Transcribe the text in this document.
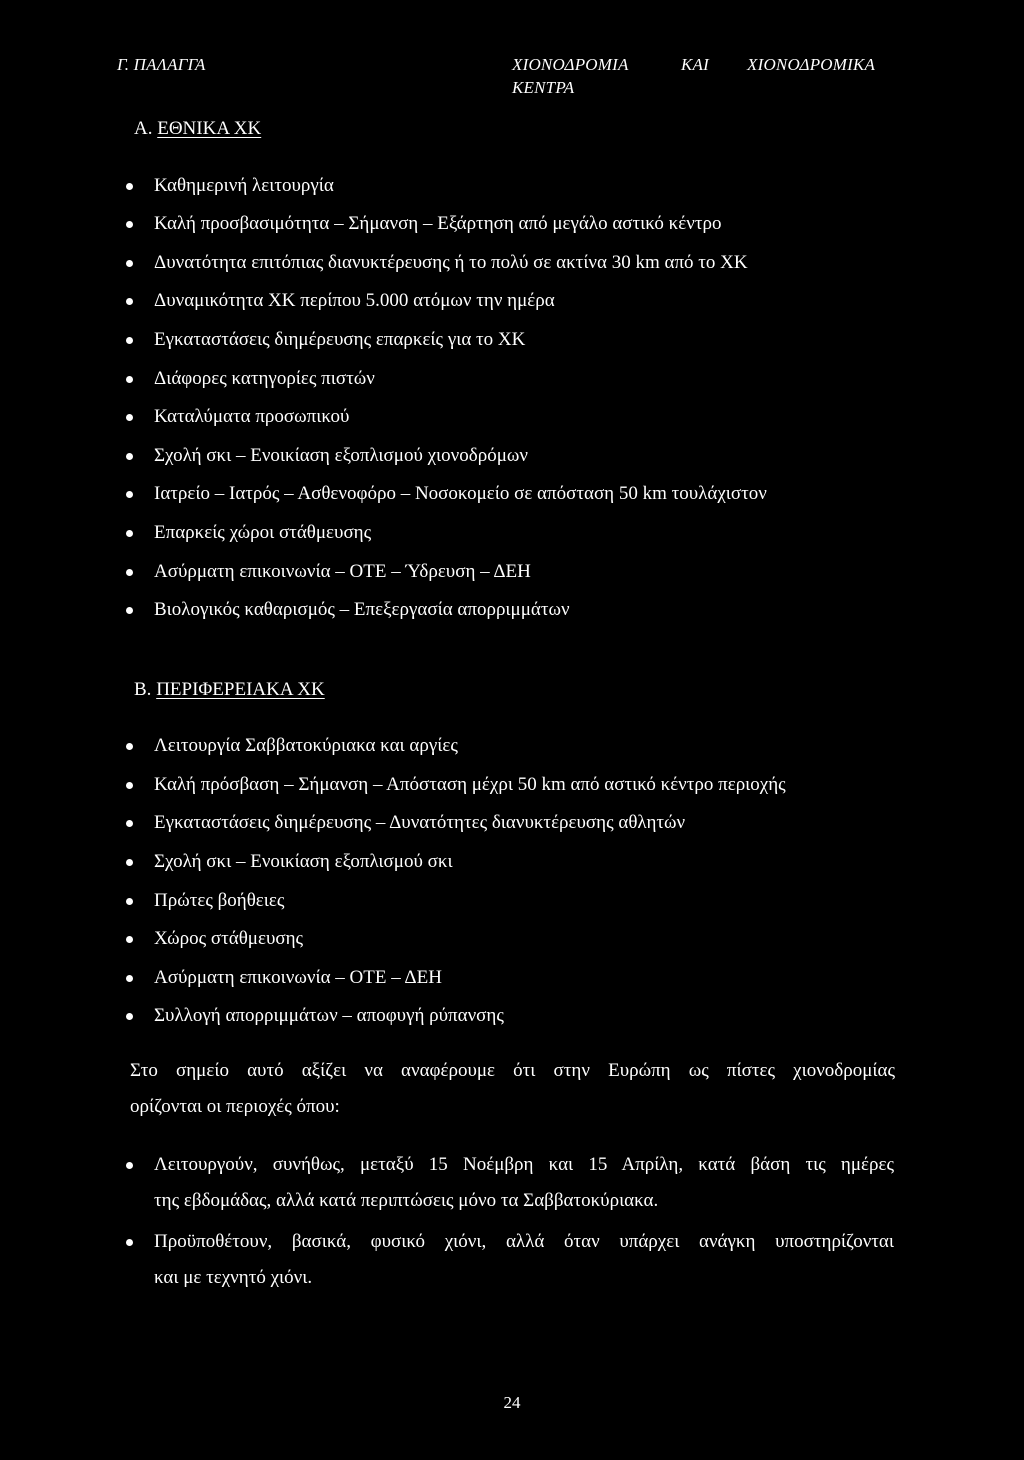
Γ. ΠΑΛΑΓΓΑ	ΧΙΟΝΟΔΡΟΜΙΑ	ΚΑΙ ΧΙΟΝΟΔΡΟΜΙΚΑ
ΚΕΝΤΡΑ
Α. ΕΘΝΙΚΑ ΧΚ
Καθημερινή λειτουργία
Καλή προσβασιμότητα – Σήμανση – Εξάρτηση από μεγάλο αστικό κέντρο
Δυνατότητα επιτόπιας διανυκτέρευσης ή το πολύ σε ακτίνα 30 km από το ΧΚ
Δυναμικότητα ΧΚ περίπου 5.000 ατόμων την ημέρα
Εγκαταστάσεις διημέρευσης επαρκείς για το ΧΚ
Διάφορες κατηγορίες πιστών
Καταλύματα προσωπικού
Σχολή σκι – Ενοικίαση εξοπλισμού χιονοδρόμων
Ιατρείο – Ιατρός – Ασθενοφόρο – Νοσοκομείο σε απόσταση 50 km τουλάχιστον
Επαρκείς χώροι στάθμευσης
Ασύρματη επικοινωνία – ΟΤΕ – Ύδρευση – ΔΕΗ
Βιολογικός καθαρισμός – Επεξεργασία απορριμμάτων
Β. ΠΕΡΙΦΕΡΕΙΑΚΑ ΧΚ
Λειτουργία Σαββατοκύριακα και αργίες
Καλή πρόσβαση – Σήμανση – Απόσταση μέχρι 50 km από αστικό κέντρο περιοχής
Εγκαταστάσεις διημέρευσης – Δυνατότητες διανυκτέρευσης αθλητών
Σχολή σκι – Ενοικίαση εξοπλισμού σκι
Πρώτες βοήθειες
Χώρος στάθμευσης
Ασύρματη επικοινωνία – ΟΤΕ – ΔΕΗ
Συλλογή απορριμμάτων – αποφυγή ρύπανσης
Στο σημείο αυτό αξίζει να αναφέρουμε ότι στην Ευρώπη ως πίστες χιονοδρομίας
ορίζονται οι περιοχές όπου:
Λειτουργούν, συνήθως, μεταξύ 15 Νοέμβρη και 15 Απρίλη, κατά βάση τις ημέρες
της εβδομάδας, αλλά κατά περιπτώσεις μόνο τα Σαββατοκύριακα.
Προϋποθέτουν, βασικά, φυσικό χιόνι, αλλά όταν υπάρχει ανάγκη υποστηρίζονται
και με τεχνητό χιόνι.
24
